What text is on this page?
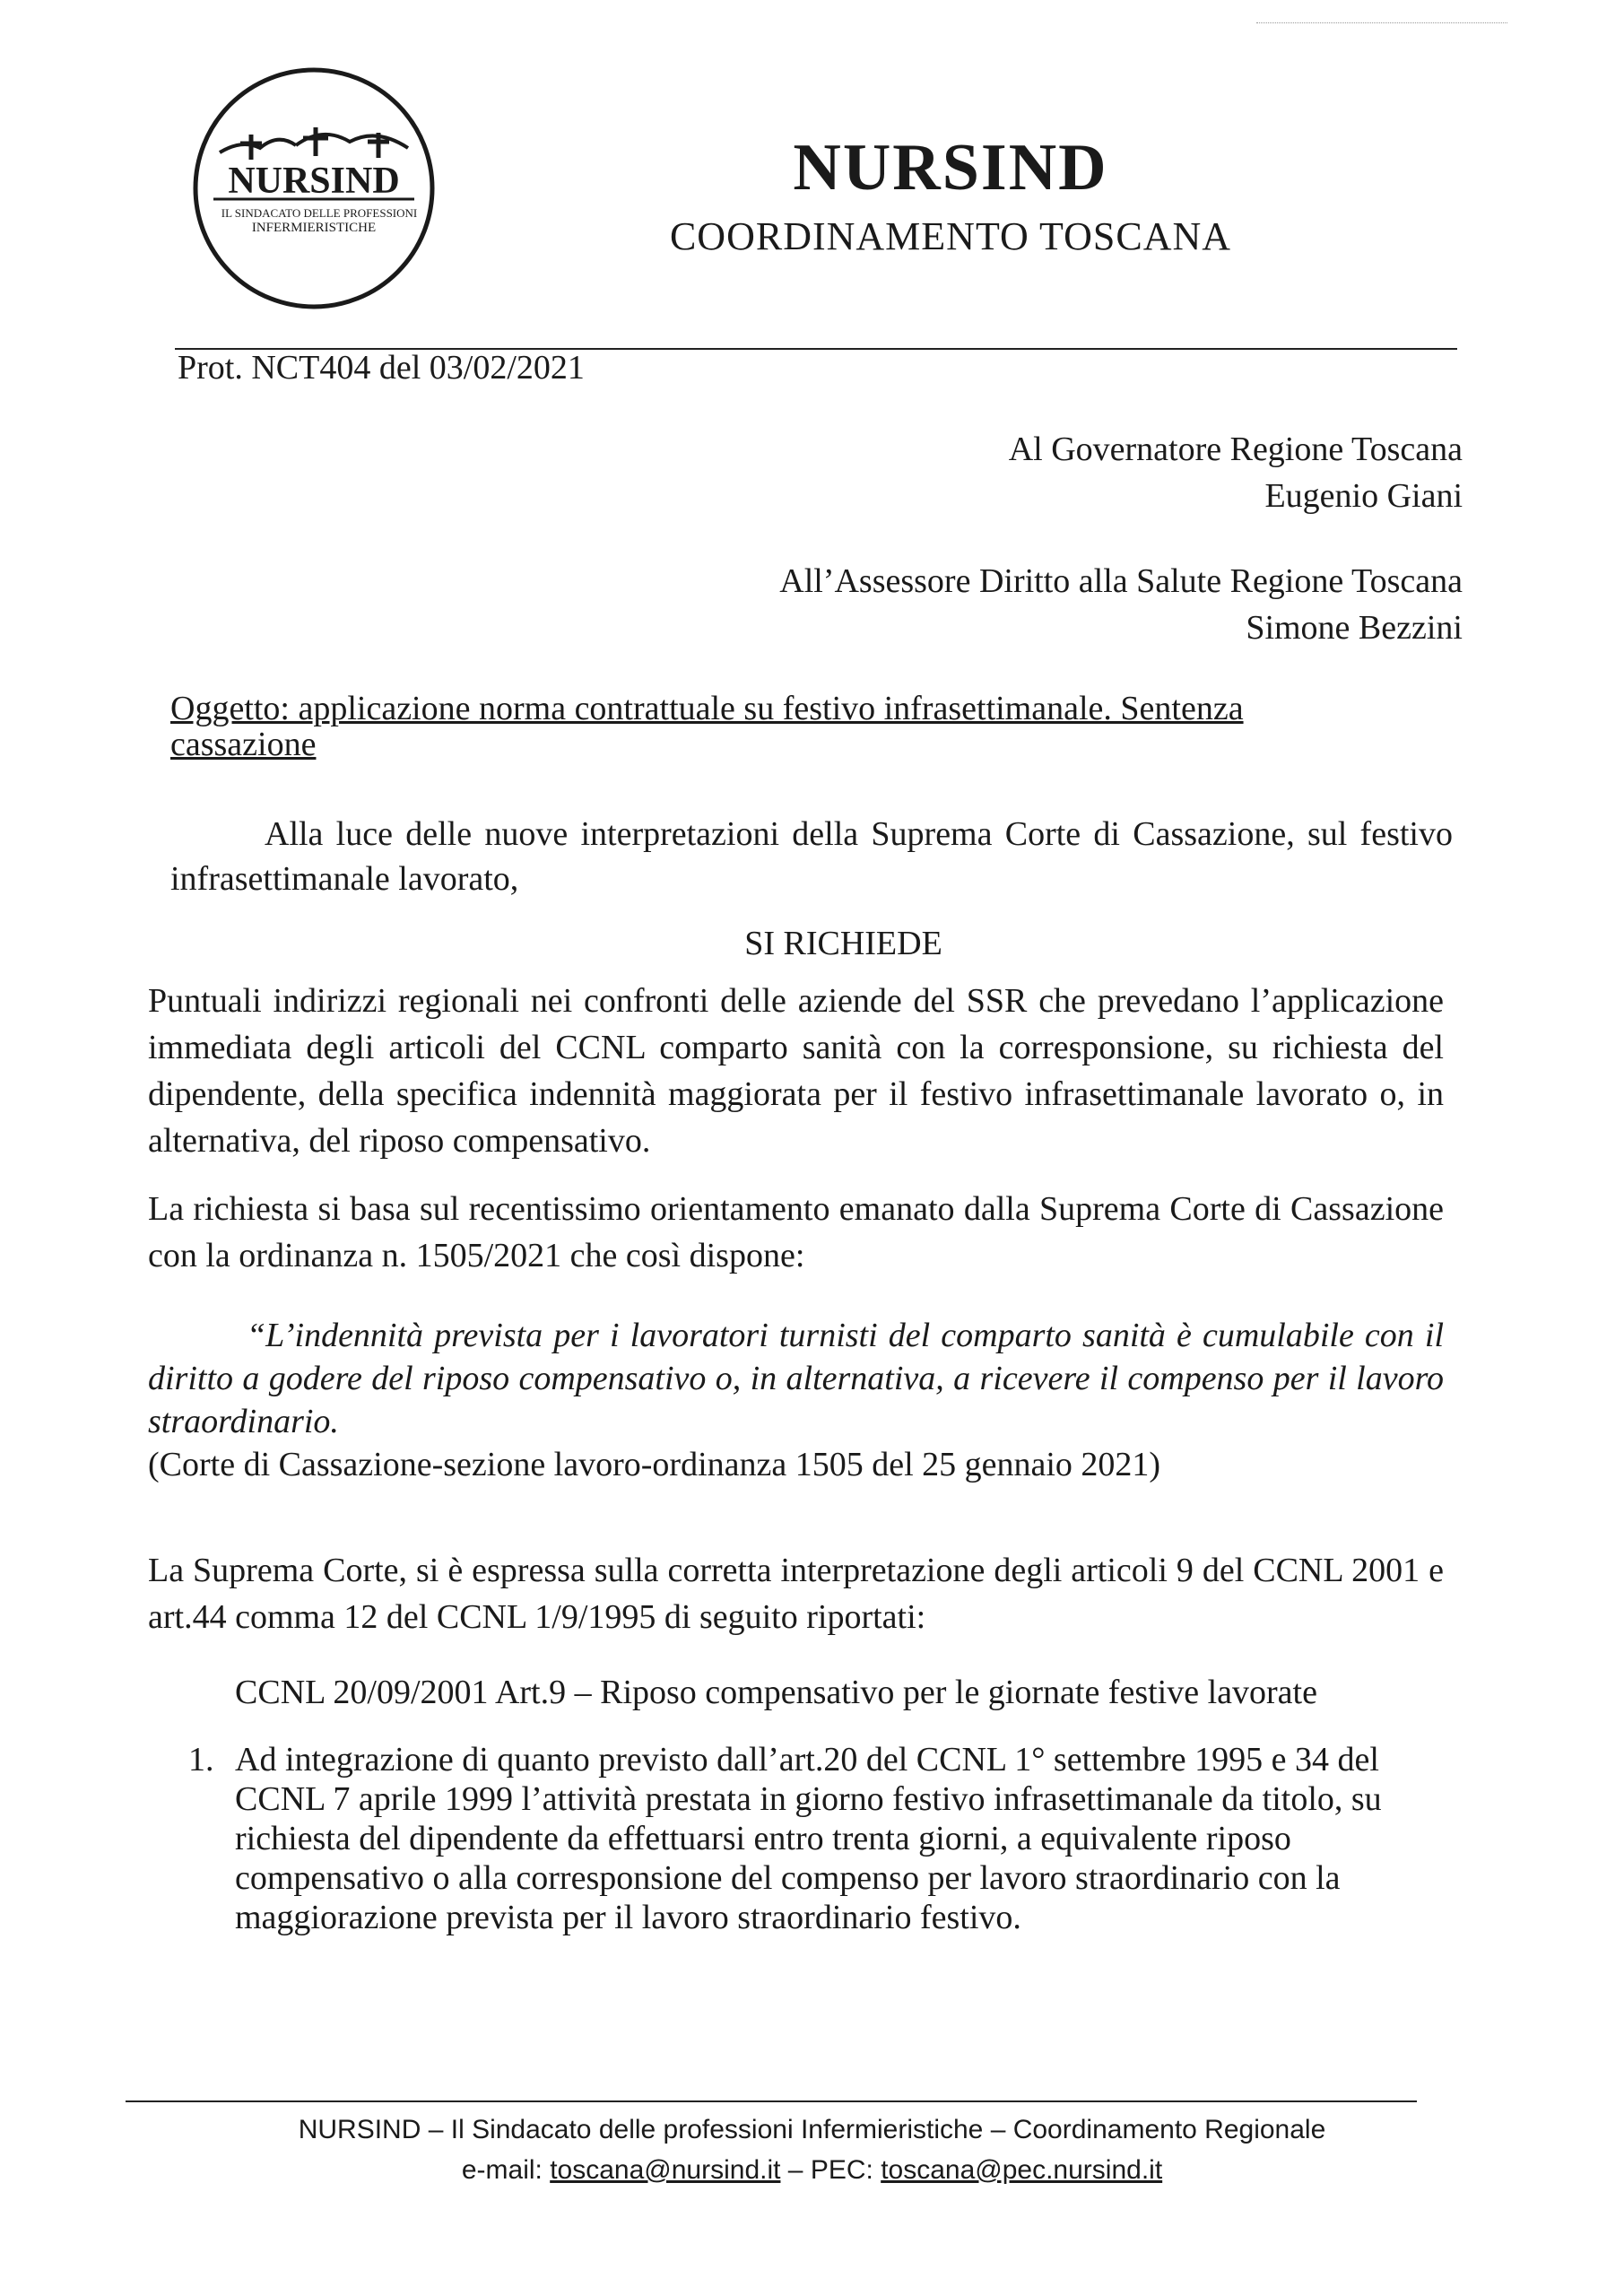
NURSIND
IL SINDACATO DELLE PROFESSIONI
INFERMIERISTICHE
NURSIND
COORDINAMENTO TOSCANA
Prot. NCT404 del 03/02/2021
Al Governatore Regione Toscana
Eugenio Giani
All’Assessore Diritto alla Salute Regione Toscana
Simone Bezzini
Oggetto: applicazione norma contrattuale su festivo infrasettimanale. Sentenza cassazione
Alla luce delle nuove interpretazioni della Suprema Corte di Cassazione, sul festivo infrasettimanale lavorato,
SI RICHIEDE
Puntuali indirizzi regionali nei confronti delle aziende del SSR che prevedano l’applicazione immediata degli articoli del CCNL comparto sanità con la corresponsione, su richiesta del dipendente, della specifica indennità maggiorata per il festivo infrasettimanale lavorato o, in alternativa, del riposo compensativo.
La richiesta si basa sul recentissimo orientamento emanato dalla Suprema Corte di Cassazione con la ordinanza n. 1505/2021 che così dispone:
“L’indennità prevista per i lavoratori turnisti del comparto sanità è cumulabile con il diritto a godere del riposo compensativo o, in alternativa, a ricevere il compenso per il lavoro straordinario. (Corte di Cassazione-sezione lavoro-ordinanza 1505 del 25 gennaio 2021)
La Suprema Corte, si è espressa sulla corretta interpretazione degli articoli 9 del CCNL 2001 e art.44 comma 12 del CCNL 1/9/1995 di seguito riportati:
CCNL 20/09/2001 Art.9 – Riposo compensativo per le giornate festive lavorate
1. Ad integrazione di quanto previsto dall’art.20 del CCNL 1° settembre 1995 e 34 del CCNL 7 aprile 1999 l’attività prestata in giorno festivo infrasettimanale da titolo, su richiesta del dipendente da effettuarsi entro trenta giorni, a equivalente riposo compensativo o alla corresponsione del compenso per lavoro straordinario con la maggiorazione prevista per il lavoro straordinario festivo.
NURSIND – Il Sindacato delle professioni Infermieristiche – Coordinamento Regionale
e-mail: toscana@nursind.it – PEC: toscana@pec.nursind.it
